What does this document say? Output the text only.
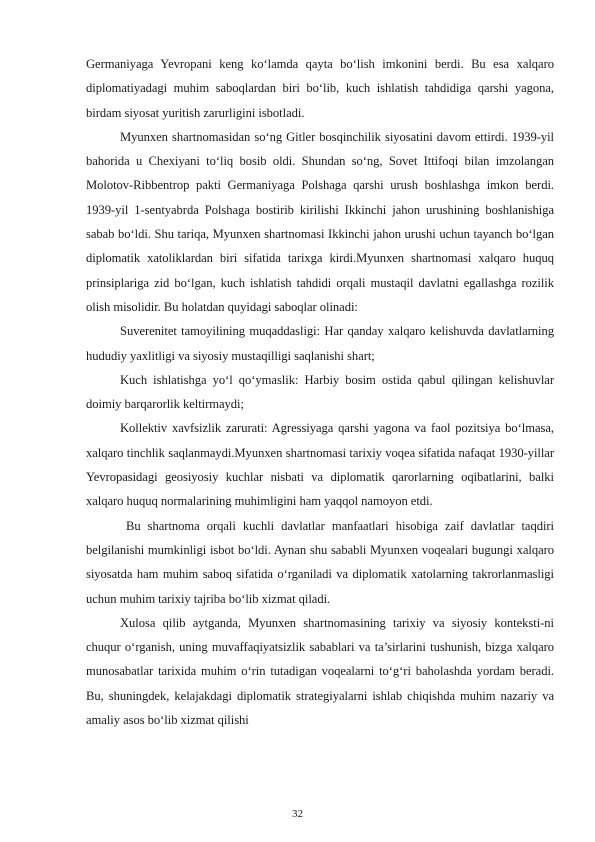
Germaniyaga Yevropani keng ko‘lamda qayta bo‘lish imkonini berdi. Bu esa xalqaro diplomatiyadagi muhim saboqlardan biri bo‘lib, kuch ishlatish tahdidiga qarshi yagona, birdam siyosat yuritish zarurligini isbotladi.

Myunxen shartnomasidan so‘ng Gitler bosqinchilik siyosatini davom ettirdi. 1939-yil bahorida u Chexiyani to‘liq bosib oldi. Shundan so‘ng, Sovet Ittifoqi bilan imzolangan Molotov-Ribbentrop pakti Germaniyaga Polshaga qarshi urush boshlashga imkon berdi. 1939-yil 1-sentyabrda Polshaga bostirib kirilishi Ikkinchi jahon urushining boshlanishiga sabab bo‘ldi. Shu tariqa, Myunxen shartnomasi Ikkinchi jahon urushi uchun tayanch bo‘lgan diplomatik xatoliklardan biri sifatida tarixga kirdi.Myunxen shartnomasi xalqaro huquq prinsiplariga zid bo‘lgan, kuch ishlatish tahdidi orqali mustaqil davlatni egallashga rozilik olish misolidir. Bu holatdan quyidagi saboqlar olinadi:

Suverenitet tamoyilining muqaddasligi: Har qanday xalqaro kelishuvda davlatlarning hududiy yaxlitligi va siyosiy mustaqilligi saqlanishi shart;

Kuch ishlatishga yo‘l qo‘ymaslik: Harbiy bosim ostida qabul qilingan kelishuvlar doimiy barqarorlik keltirmaydi;

Kollektiv xavfsizlik zarurati: Agressiyaga qarshi yagona va faol pozitsiya bo‘lmasa, xalqaro tinchlik saqlanmaydi.Myunxen shartnomasi tarixiy voqea sifatida nafaqat 1930-yillar Yevropasidagi geosiyosiy kuchlar nisbati va diplomatik qarorlarning oqibatlarini, balki xalqaro huquq normalarining muhimligini ham yaqqol namoyon etdi.

Bu shartnoma orqali kuchli davlatlar manfaatlari hisobiga zaif davlatlar taqdiri belgilanishi mumkinligi isbot bo‘ldi. Aynan shu sababli Myunxen voqealari bugungi xalqaro siyosatda ham muhim saboq sifatida o‘rganiladi va diplomatik xatolarning takrorlanmasligi uchun muhim tarixiy tajriba bo‘lib xizmat qiladi.

Xulosa qilib aytganda, Myunxen shartnomasining tarixiy va siyosiy konteksti-ni chuqur o‘rganish, uning muvaffaqiyatsizlik sabablari va ta’sirlarini tushunish, bizga xalqaro munosabatlar tarixida muhim o‘rin tutadigan voqealarni to‘g‘ri baholashda yordam beradi. Bu, shuningdek, kelajakdagi diplomatik strategiyalarni ishlab chiqishda muhim nazariy va amaliy asos bo‘lib xizmat qilishi

32
